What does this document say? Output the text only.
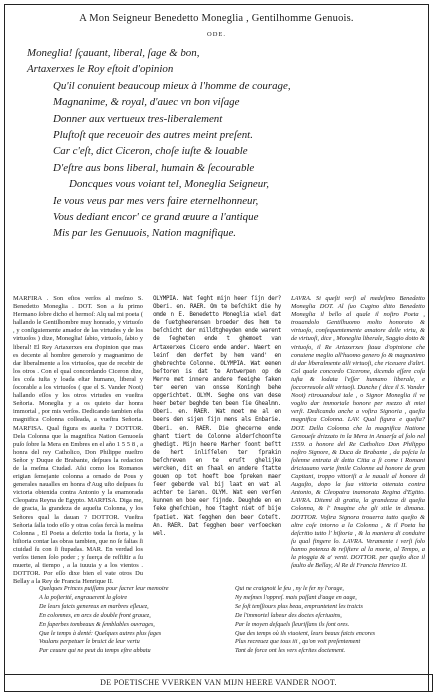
A Mon Seigneur Benedetto Moneglia , Gentilhomme Genuois.
ODE.
Moneglia! ſçauant, liberal, ſage & bon,
Artaxerxes le Roy eſtoit d'opinion
Qu'il conuient beaucoup mieux à l'homme de courage,
Magnanime, & royal, d'auec vn bon viſage
Donner aux vertueux tres-liberalement
Pluſtoſt que receuoir des autres meint preſent.
Car c'eſt, dict Ciceron, choſe iuſte & louable
D'eſtre aus bons liberal, humain & ſecourable
Doncques vous voiant tel, Moneglia Seigneur,
Ie vous veus par mes vers faire eternelhonneur,
Vous dediant encor' ce grand œuure a l'antique
Mis par les Genuuois, Nation magnifique.

MARFIRA . Son eſtos verſos al meſmo S. Benedetto Moneglia . DOT. Son a ſu primo Hermano ſobre dicho el hermoſ: Alq ual mi poeta ( hallando le Gentilhombre muy honrado, y virtuoſo , y conſiguiemente amador de las virtudes y de los virtuoſos ) dize, Moneglia! ſabio, virtuoſo, ſabio y liberal! El Rey Artaxerxes era d'opinion que mas es decente al hombre generoſo y magnanimo de dar liberalmente a los virtuoſos, que de recebir de los otros . Con el qual concordando Ciceron dize, les coſa iuſta y loada eſtar humano, liberal y ſocorable a los virtuoſos ( que el S. Vander Noot) hallando eſſos y los otros virtudes en vueſtra Señoria. Moneglia y a os quieto dar honra immortal , por mis verſos. Dedicando tambien eſta magnifica Colonna colleada, a vueſtra Señoria. MARFISA. Qual figura es aueſta ? DOTTOR. Dela Colonna que la magnifica Nation Genuoeſa puſo ſobre la Mera en Embres en el año 1 5 5 8 , a honra del rey Catholico, Don Philippe nueſtro Señor y Duque de Brabante, deſpues la redacion de la meſma Ciudad. Aſsi como los Romanos erigian ſemejante colonna a ornado de Pous y generales naualles en honra d'Aug uſto deſpues ſu victoria obtenida contra Antonio y la enamorada Cleopatra Reyna de Egypto. MARFISA. Diga me, de gracia, la grandeza de aqueſta Colonna, y los Señores qual la dauan ? DOTTOR. Vueſtra Señoria ſalla todo eſſo y otras coſas fercà la meſma Colonna , El Poeta a deſcrito toda la ſtoria, y la hiſtoria contar las obras tambien, que no ſe faltas ſi ciuidad ſu con ſi ſtupadas. MAR. En verdad los verſos tienen ſolo poder ; y ſuerça de reſfiſtir a ſu muerte, al tiempo , a la iuuuia y a los vientos . DOTTOR. Por eſſo dixe bien el vate otros Du Bellay a la Rey de Francia Henrique II.

OLYMPIA. Wat ſeght mijn heer ſijn der? Oberi. en. RAER. Om te beſchikt die hy omde n E. Benedetto Moneglia wiel dat de ſuetgheerensen broeder des hem te beſchicht der milldtgheyden ende warent de ſegheten ende t ghemoet van Artaxerxes Cicero ende ander. Waert en leinſ den derfet by hem vand' en ghebrechte Colonne. OLYMPIA. Wat eenen beſtoren is dat te Antwerpen op de Merre met innere andere feeighe ſaken ter eeren van onsse Koningh behe opgerichtet. OLYM. Seghe ons van dese heer beter beghde ten been ſie Ghealmn. Oberi. en. RAER. Wat moet me al en beers den sijen ſijn mens als Enbarie. Oberi. en. RAER. Die ghecerne ende ghant tiert de Colonne alderſchoonſte ghedigt. Mijn heere Marher ſoont beſtt de hert inliſſelen ter ſprakin beſchreven en te eruſt ghelijke wercken, dit en ſhaal en andere ſtatte gouen op tot hoeft boe ſpreken maer ſeer geberde val bij laat en wat al achter te iaren. OLYM. Wat een verſen kunnen en boe eer ſijnde. Deughde en en ſeke gheſchien, hoe ſtaght niet of bije ſpatiet. Wat ſegghen den beer Coteſt. An. RAER. Dat ſegghen beer verſoecken wel.

LAVRA. Si queſti verſi al medeſimo Benedetto Moneglia DOT. Al ſuo Cugino ditto Benedetto Moneglia il bello al quale il noſtro Poeta , trouandolo Gentilhuomo molto honorato & virtuoſo, conſequentemente amatore delle virtu, & de virtuoſi, dice , Moneglia liberale, Saggio dotto & virtuoſo, il Re Artaxerxes ſtaua d'opinione che conuiene meglio all'huomo genero ſo & magnanimo di dar liberalmente alli virtuoſi, che riceuere d'altri. Col quale concordo Cicerone, dicendo eſſere coſa iuſta & lodata l'eſſer humano liberale, e ſoccorreuole alli virtuoſi. Dunche ( dice il S. Vander Noot) ritrouandoui tale , o Signor Moneglia il ve voglio dar immortale honore per mezzo di miei verſi. Dedicando anche a voſtra Signoria , queſta magnifica Colonna. LAV. Qual figura e queſta? DOT. Della Colonna che la magnifica Natione Genoueſe drizzato in la Mera in Anuerſa al ſolo nel 1559. a honore del Re Catholico Don Philippo noſtro Signore, & Duca de Brabante , da poſcia la ſolenne entrata di detta Citta a ſi come i Romani driciauano varie ſimile Colonne ad honore de gran Capitani, troppo vittoriſi a le nauali al honore di Auguſto, dopo la ſua vittoria ottenuta contra Antonio, & Cleopatra inamorata Regina d'Egitto. LAVRA. Ditemi di gratia, la grandezza di queſta Colonna, & l' Imagine che gli stile in dimana. DOTTOR. Voſtra Signora trouerra tutto queſto & altre coſe intorno a la Colonna , & il Poeta ha deſcritto tutto l' hiſtoria , & la maniera di conduire ſu qual fingere lo. LAVRA. Veramente i verſi ſolo hanno potenza & reſiſtere al la morte, al Tempo, a la pioggia & a' venti. DOTTOR. per queſto dice il ſaulto de Bellay, Al Re di Francia Henrico II.

Quelques Princes puiſſans pour ſacrer leur memoire
A la poſterité, engrauerent la gloire
De leurs faicts genereux en marbres eſleuez,
En colomnes, en arcs de double front grauez,
En ſuperbes tombeaux & ſemblables ouvrages,
Que le temps à denté: Quelques autres plus ſages
Voulans perpetuer le bruict de leur vertu
Par ceuure qui ne peut du temps eſtre abbatu
Qui ne craignoit le feu , ny le fer ny l'orage,
Ny meſmes l'oppreſ. mais paſſant d'aage en aage,
Se ſoſt tenſſiours plus beau, empruntetent les traicts
De l'immortel labeur des doctes eſcriuains,
Par le moyen deſquels ſleuriſſans ils ſont ores.
Que des temps où ils viuoient, leurs beaux faicts encores
Plus recreuez que tous iii , qu'on voit preſentement
Tant de force ont les vers eſcrites doctement.
DE POETISCHE VVERKEN VAN MIJN HEERE VANDER NOOT.
